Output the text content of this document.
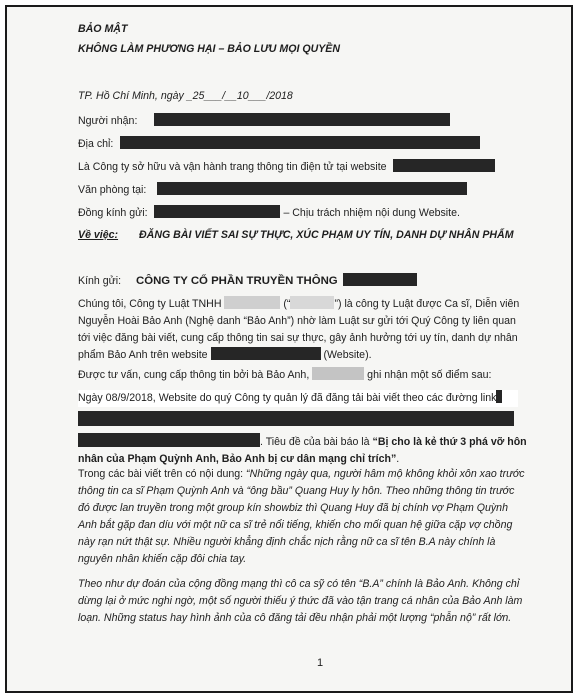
BẢO MẬT
KHÔNG LÀM PHƯƠNG HẠI – BẢO LƯU MỌI QUYỀN
TP. Hồ Chí Minh, ngày _25___/__10___/2018
Người nhận:
Địa chỉ:
Là Công ty sở hữu và vận hành trang thông tin điện tử tại website
Văn phòng tại:
Đồng kính gửi:	– Chịu trách nhiệm nội dung Website.
Về việc: ĐĂNG BÀI VIẾT SAI SỰ THỰC, XÚC PHẠM UY TÍN, DANH DỰ NHÂN PHẨM
Kính gửi: CÔNG TY CỔ PHẦN TRUYỀN THÔNG
Chúng tôi, Công ty Luật TNHH	(“	”) là công ty Luật được Ca sĩ, Diễn viên
Nguyễn Hoài Bảo Anh (Nghệ danh “Bảo Anh”) nhờ làm Luật sư gửi tới Quý Công ty liên quan
tới việc đăng bài viết, cung cấp thông tin sai sự thực, gây ảnh hưởng tới uy tín, danh dự nhân
phẩm Bảo Anh trên website	(Website).
Được tư vấn, cung cấp thông tin bởi bà Bảo Anh,	ghi nhận một số điểm sau:
Ngày 08/9/2018, Website do quý Công ty quản lý đã đăng tải bài viết theo các đường link
. Tiêu đề của bài báo là “Bị cho là kẻ thứ 3 phá vỡ hôn
nhân của Phạm Quỳnh Anh, Bảo Anh bị cư dân mạng chỉ trích”.
Trong các bài viết trên có nội dung: “Những ngày qua, người hâm mộ không khỏi xôn xao trước
thông tin ca sĩ Phạm Quỳnh Anh và “ông bầu” Quang Huy ly hôn. Theo những thông tin trước
đó được lan truyền trong một group kín showbiz thì Quang Huy đã bị chính vợ Phạm Quỳnh
Anh bắt gặp đan díu với một nữ ca sĩ trẻ nổi tiếng, khiến cho mối quan hệ giữa cặp vợ chồng
này rạn nứt thật sự. Nhiều người khẳng định chắc nịch rằng nữ ca sĩ tên B.A này chính là
nguyên nhân khiến cặp đôi chia tay.
Theo như dự đoán của cộng đồng mạng thì cô ca sỹ có tên “B.A” chính là Bảo Anh. Không chỉ
dừng lại ở mức nghi ngờ, một số người thiếu ý thức đã vào tận trang cá nhân của Bảo Anh làm
loạn. Những status hay hình ảnh của cô đăng tải đều nhận phải một lượng “phẫn nộ” rất lớn.
1
